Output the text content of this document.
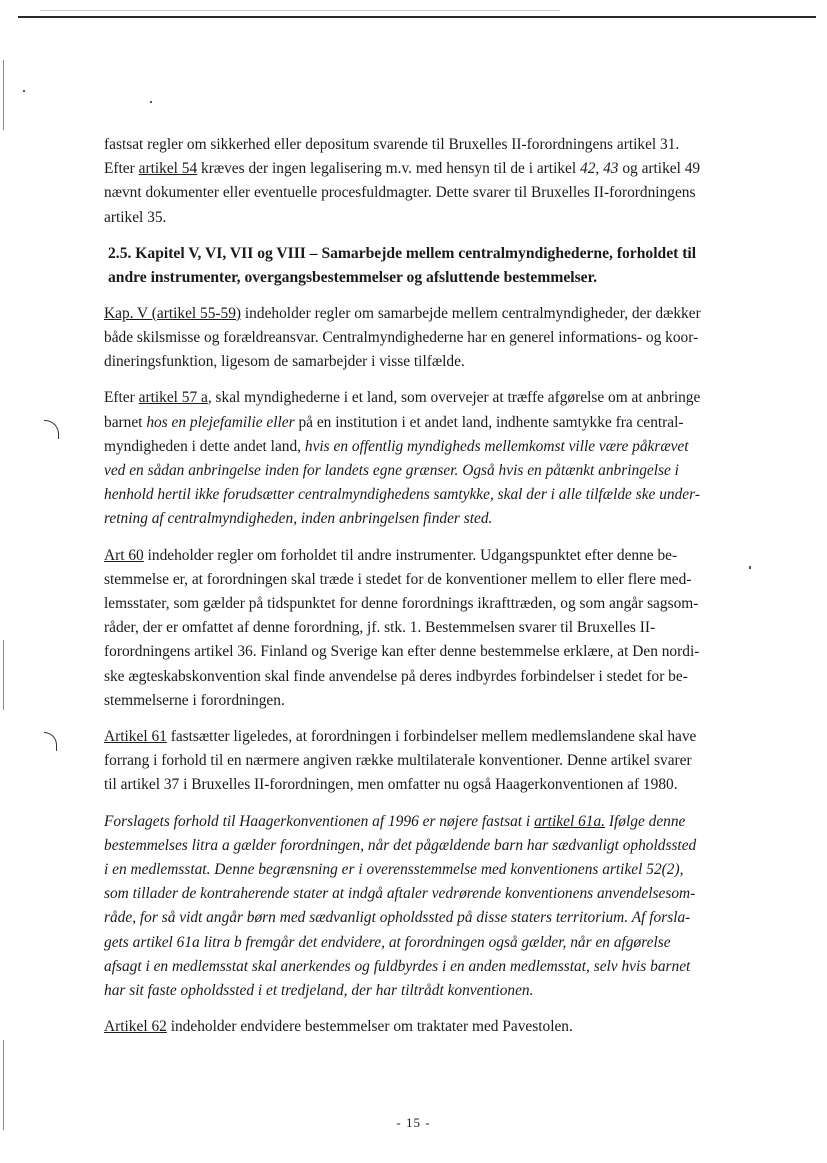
fastsat regler om sikkerhed eller depositum svarende til Bruxelles II-forordningens artikel 31.
Efter artikel 54 kræves der ingen legalisering m.v. med hensyn til de i artikel 42, 43 og artikel 49
nævnt dokumenter eller eventuelle procesfuldmagter. Dette svarer til Bruxelles II-forordningens
artikel 35.

2.5. Kapitel V, VI, VII og VIII – Samarbejde mellem centralmyndighederne, forholdet til
andre instrumenter, overgangsbestemmelser og afsluttende bestemmelser.

Kap. V (artikel 55-59) indeholder regler om samarbejde mellem centralmyndigheder, der dækker
både skilsmisse og forældreansvar. Centralmyndighederne har en generel informations- og koor-
dineringsfunktion, ligesom de samarbejder i visse tilfælde.

Efter artikel 57 a, skal myndighederne i et land, som overvejer at træffe afgørelse om at anbringe
barnet hos en plejefamilie eller på en institution i et andet land, indhente samtykke fra central-
myndigheden i dette andet land, hvis en offentlig myndigheds mellemkomst ville være påkrævet
ved en sådan anbringelse inden for landets egne grænser. Også hvis en påtænkt anbringelse i
henhold hertil ikke forudsætter centralmyndighedens samtykke, skal der i alle tilfælde ske under-
retning af centralmyndigheden, inden anbringelsen finder sted.

Art 60 indeholder regler om forholdet til andre instrumenter. Udgangspunktet efter denne be-
stemmelse er, at forordningen skal træde i stedet for de konventioner mellem to eller flere med-
lemsstater, som gælder på tidspunktet for denne forordnings ikrafttræden, og som angår sagsom-
råder, der er omfattet af denne forordning, jf. stk. 1. Bestemmelsen svarer til Bruxelles II-
forordningens artikel 36. Finland og Sverige kan efter denne bestemmelse erklære, at Den nordi-
ske ægteskabskonvention skal finde anvendelse på deres indbyrdes forbindelser i stedet for be-
stemmelserne i forordningen.

Artikel 61 fastsætter ligeledes, at forordningen i forbindelser mellem medlemslandene skal have
forrang i forhold til en nærmere angiven række multilaterale konventioner. Denne artikel svarer
til artikel 37 i Bruxelles II-forordningen, men omfatter nu også Haagerkonventionen af 1980.

Forslagets forhold til Haagerkonventionen af 1996 er nøjere fastsat i artikel 61a. Ifølge denne
bestemmelses litra a gælder forordningen, når det pågældende barn har sædvanligt opholdssted
i en medlemsstat. Denne begrænsning er i overensstemmelse med konventionens artikel 52(2),
som tillader de kontraherende stater at indgå aftaler vedrørende konventionens anvendelsesom-
råde, for så vidt angår børn med sædvanligt opholdssted på disse staters territorium. Af forsla-
gets artikel 61a litra b fremgår det endvidere, at forordningen også gælder, når en afgørelse
afsagt i en medlemsstat skal anerkendes og fuldbyrdes i en anden medlemsstat, selv hvis barnet
har sit faste opholdssted i et tredjeland, der har tiltrådt konventionen.

Artikel 62 indeholder endvidere bestemmelser om traktater med Pavestolen.

- 15 -
